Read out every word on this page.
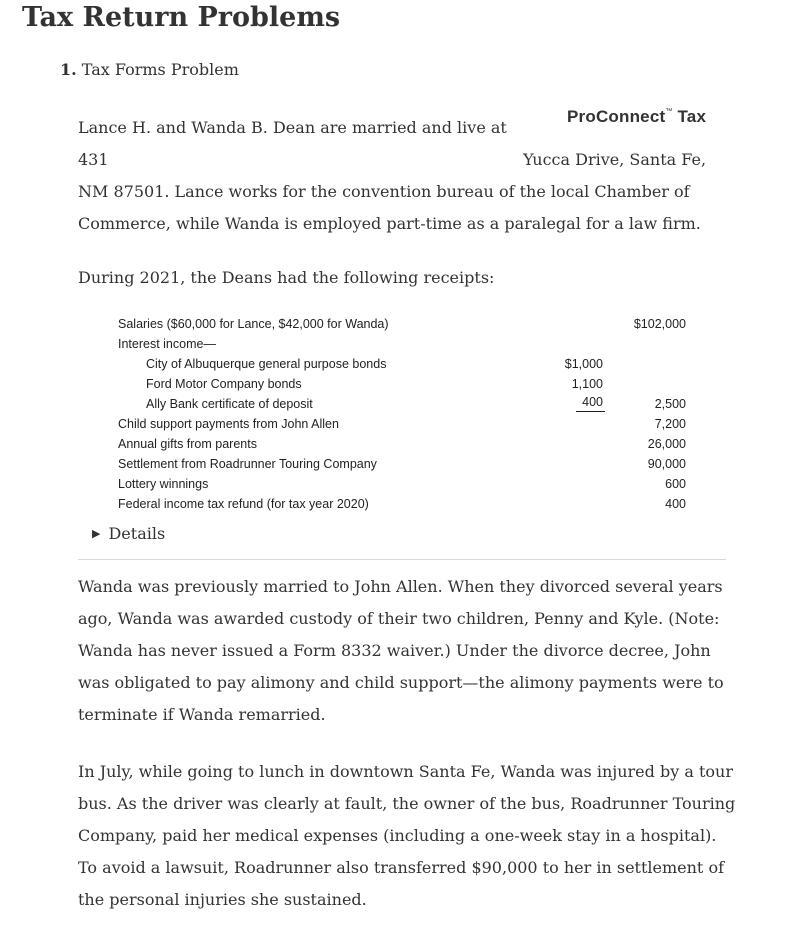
Tax Return Problems
1. Tax Forms Problem
ProConnect™ Tax

Lance H. and Wanda B. Dean are married and live at 431	Yucca Drive, Santa Fe, NM 87501. Lance works for the convention bureau of the local Chamber of Commerce, while Wanda is employed part-time as a paralegal for a law firm.

During 2021, the Deans had the following receipts:

Salaries ($60,000 for Lance, $42,000 for Wanda)	$102,000
Interest income—
City of Albuquerque general purpose bonds	$1,000
Ford Motor Company bonds	1,100
Ally Bank certificate of deposit	400	2,500
Child support payments from John Allen	7,200
Annual gifts from parents	26,000
Settlement from Roadrunner Touring Company	90,000
Lottery winnings	600
Federal income tax refund (for tax year 2020)	400
▶ Details

Wanda was previously married to John Allen. When they divorced several years ago, Wanda was awarded custody of their two children, Penny and Kyle. (Note: Wanda has never issued a Form 8332 waiver.) Under the divorce decree, John was obligated to pay alimony and child support—the alimony payments were to terminate if Wanda remarried.

In July, while going to lunch in downtown Santa Fe, Wanda was injured by a tour bus. As the driver was clearly at fault, the owner of the bus, Roadrunner Touring Company, paid her medical expenses (including a one-week stay in a hospital). To avoid a lawsuit, Roadrunner also transferred $90,000 to her in settlement of the personal injuries she sustained.
